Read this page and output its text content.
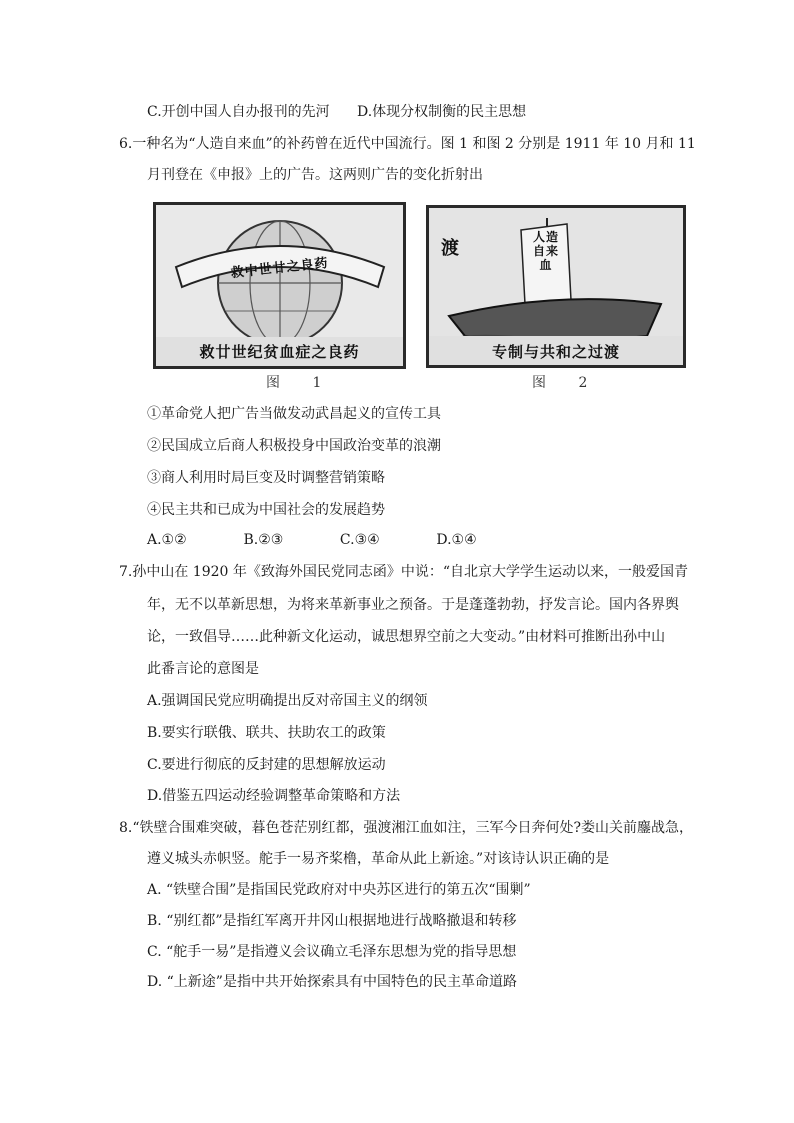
C.开创中国人自办报刊的先河 D.体现分权制衡的民主思想
6.一种名为“人造自来血”的补药曾在近代中国流行。图 1 和图 2 分别是 1911 年 10 月和 11
月刊登在《申报》上的广告。这两则广告的变化折射出
救中世廿之良药
救廿世纪贫血症之良药
图 1
渡
人造自来血
专制与共和之过渡
图 2
①革命党人把广告当做发动武昌起义的宣传工具
②民国成立后商人积极投身中国政治变革的浪潮
③商人利用时局巨变及时调整营销策略
④民主共和已成为中国社会的发展趋势
A.①②	B.②③	C.③④	D.①④
7.孙中山在 1920 年《致海外国民党同志函》中说：“自北京大学学生运动以来，一般爱国青
年，无不以革新思想，为将来革新事业之预备。于是蓬蓬勃勃，抒发言论。国内各界舆
论，一致倡导……此种新文化运动，诚思想界空前之大变动。”由材料可推断出孙中山
此番言论的意图是
A.强调国民党应明确提出反对帝国主义的纲领
B.要实行联俄、联共、扶助农工的政策
C.要进行彻底的反封建的思想解放运动
D.借鉴五四运动经验调整革命策略和方法
8.“铁壁合围难突破，暮色苍茫别红都，强渡湘江血如注，三军今日奔何处?娄山关前鏖战急，
遵义城头赤帜竖。舵手一易齐桨橹，革命从此上新途。”对该诗认识正确的是
A. “铁壁合围”是指国民党政府对中央苏区进行的第五次“围剿”
B. “别红都”是指红军离开井冈山根据地进行战略撤退和转移
C. “舵手一易”是指遵义会议确立毛泽东思想为党的指导思想
D. “上新途”是指中共开始探索具有中国特色的民主革命道路
